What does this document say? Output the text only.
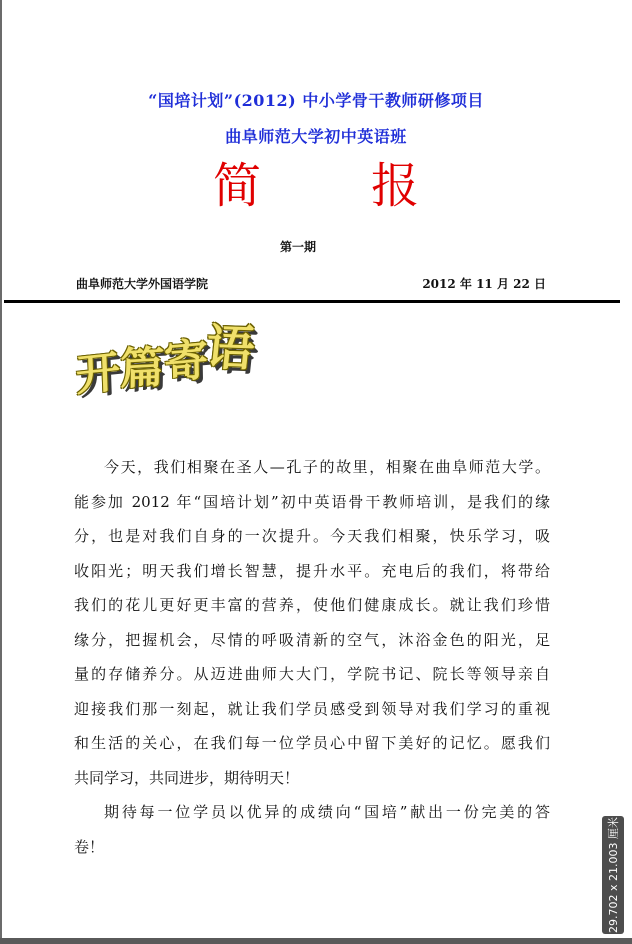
“国培计划”(2012) 中小学骨干教师研修项目
曲阜师范大学初中英语班
简 报
第一期
曲阜师范大学外国语学院	2012 年 11 月 22 日
开篇寄语

今天，我们相聚在圣人—孔子的故里，相聚在曲阜师范大学。

能参加 2012 年“国培计划”初中英语骨干教师培训，是我们的缘

分，也是对我们自身的一次提升。今天我们相聚，快乐学习，吸

收阳光；明天我们增长智慧，提升水平。充电后的我们，将带给

我们的花儿更好更丰富的营养，使他们健康成长。就让我们珍惜

缘分，把握机会，尽情的呼吸清新的空气，沐浴金色的阳光，足

量的存储养分。从迈进曲师大大门，学院书记、院长等领导亲自

迎接我们那一刻起，就让我们学员感受到领导对我们学习的重视

和生活的关心，在我们每一位学员心中留下美好的记忆。愿我们

共同学习，共同进步，期待明天！

期待每一位学员以优异的成绩向“国培”献出一份完美的答

卷！	29.702 x 21.003 厘米
